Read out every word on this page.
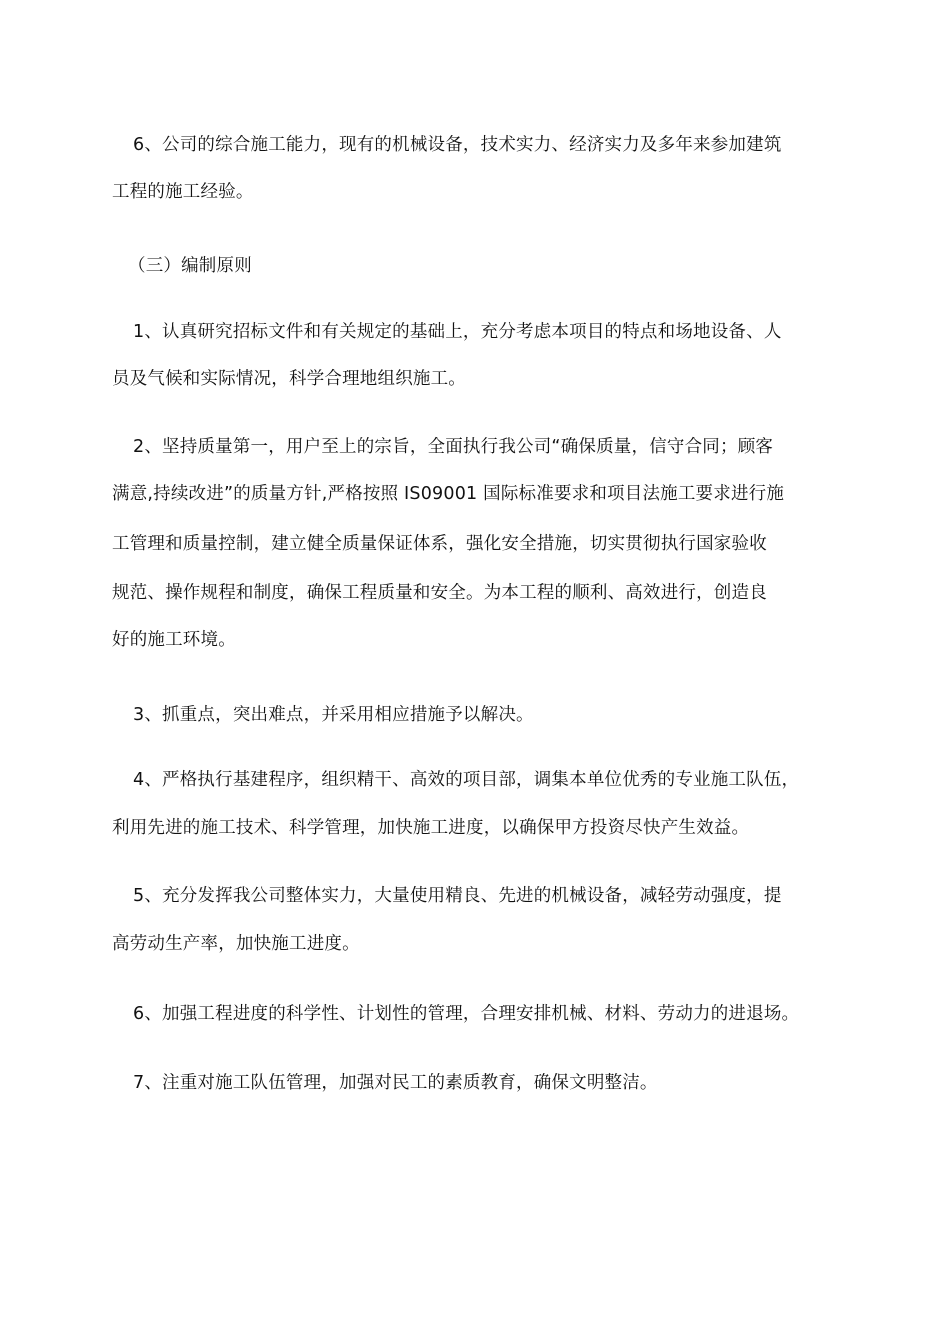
6、公司的综合施工能力，现有的机械设备，技术实力、经济实力及多年来参加建筑
工程的施工经验。
（三）编制原则
1、认真研究招标文件和有关规定的基础上，充分考虑本项目的特点和场地设备、人
员及气候和实际情况，科学合理地组织施工。
2、坚持质量第一，用户至上的宗旨，全面执行我公司“确保质量，信守合同；顾客
满意,持续改进”的质量方针,严格按照 IS09001 国际标准要求和项目法施工要求进行施
工管理和质量控制，建立健全质量保证体系，强化安全措施，切实贯彻执行国家验收
规范、操作规程和制度，确保工程质量和安全。为本工程的顺利、高效进行，创造良
好的施工环境。
3、抓重点，突出难点，并采用相应措施予以解决。
4、严格执行基建程序，组织精干、高效的项目部，调集本单位优秀的专业施工队伍，
利用先进的施工技术、科学管理，加快施工进度，以确保甲方投资尽快产生效益。
5、充分发挥我公司整体实力，大量使用精良、先进的机械设备，减轻劳动强度，提
高劳动生产率，加快施工进度。
6、加强工程进度的科学性、计划性的管理，合理安排机械、材料、劳动力的进退场。
7、注重对施工队伍管理，加强对民工的素质教育，确保文明整洁。
